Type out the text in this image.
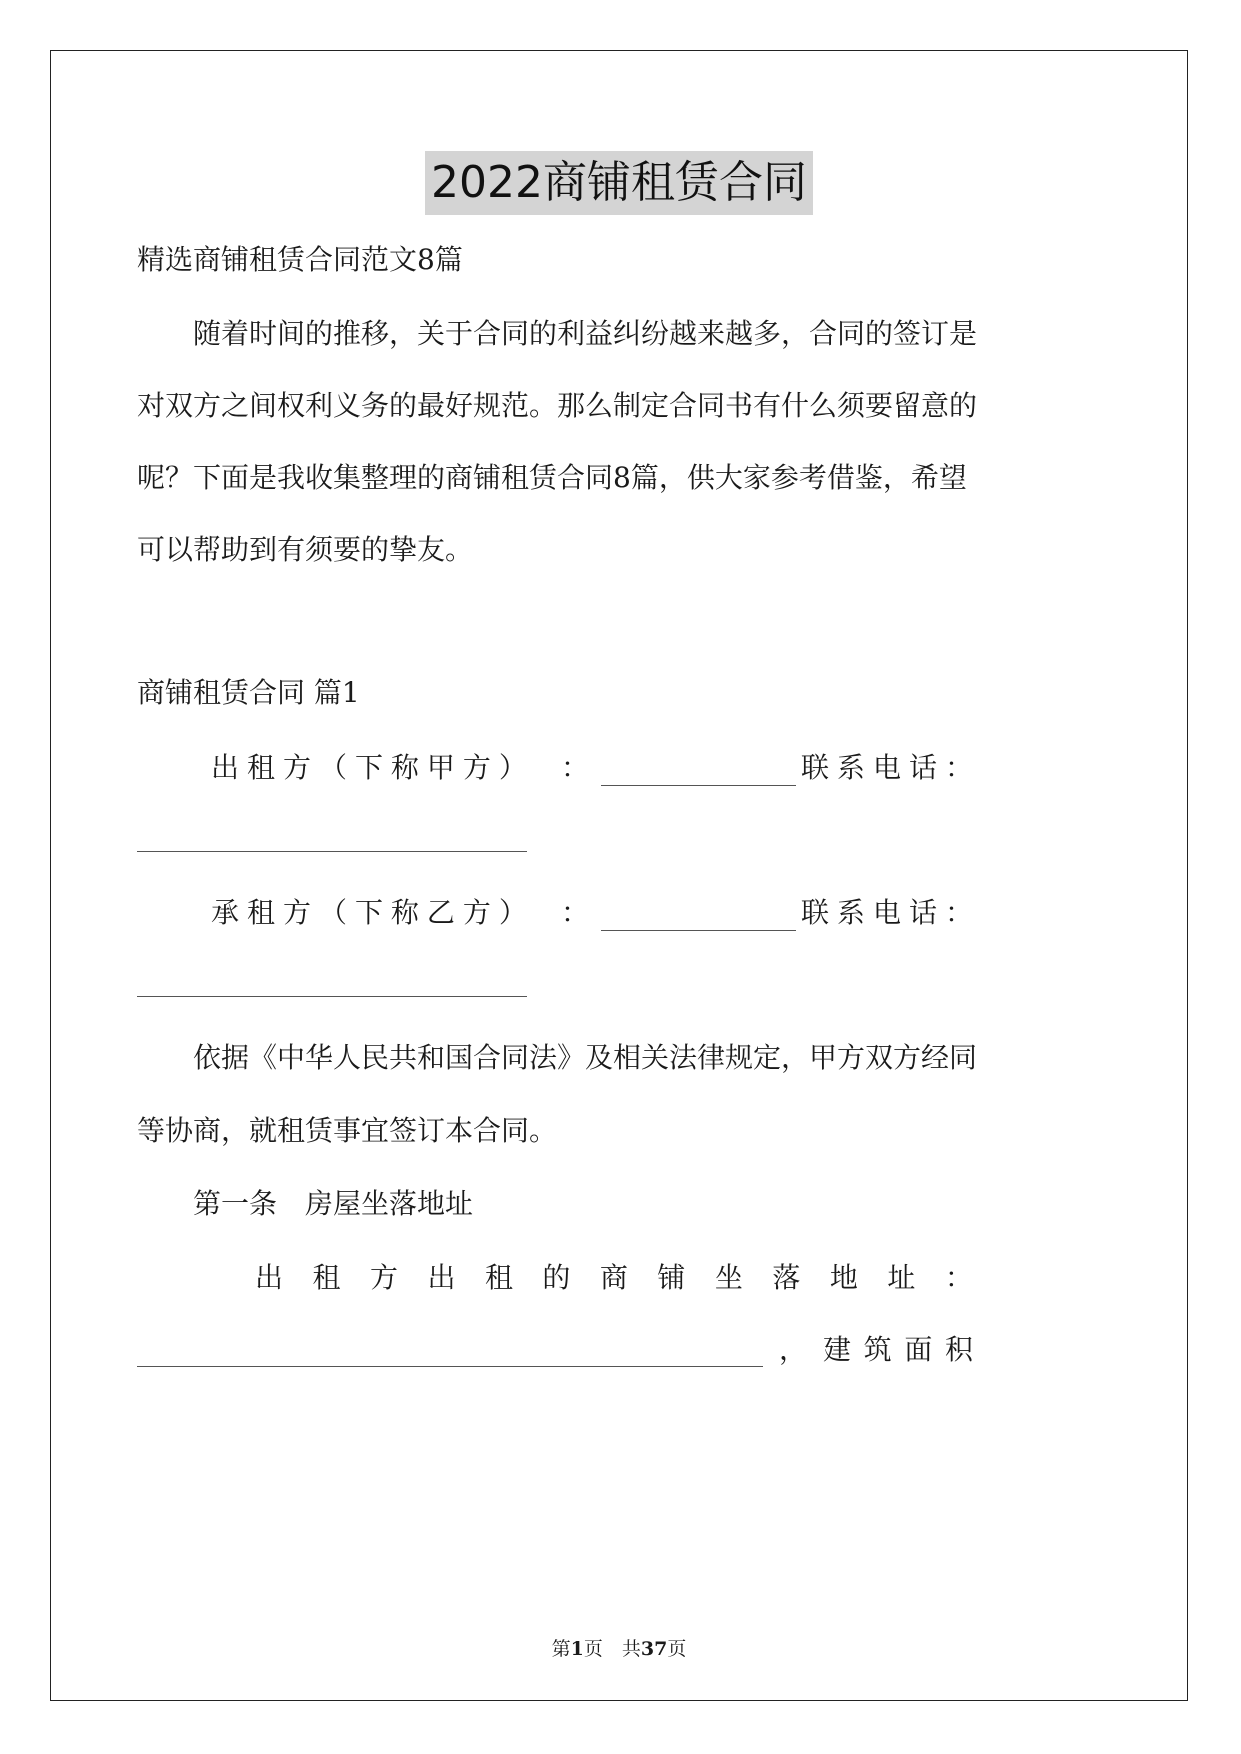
2022商铺租赁合同
精选商铺租赁合同范文8篇
随着时间的推移，关于合同的利益纠纷越来越多，合同的签订是
对双方之间权利义务的最好规范。那么制定合同书有什么须要留意的
呢？下面是我收集整理的商铺租赁合同8篇，供大家参考借鉴，希望
可以帮助到有须要的挚友。
商铺租赁合同 篇1
出 租 方 （ 下 称 甲 方 ） ：	联 系 电 话 ：
承 租 方 （ 下 称 乙 方 ） ：	联 系 电 话 ：
依据《中华人民共和国合同法》及相关法律规定，甲方双方经同
等协商，就租赁事宜签订本合同。
第一条　房屋坐落地址
出 租 方 出 租 的 商 铺 坐 落 地 址 ：
， 建 筑 面 积
第1页　共37页
